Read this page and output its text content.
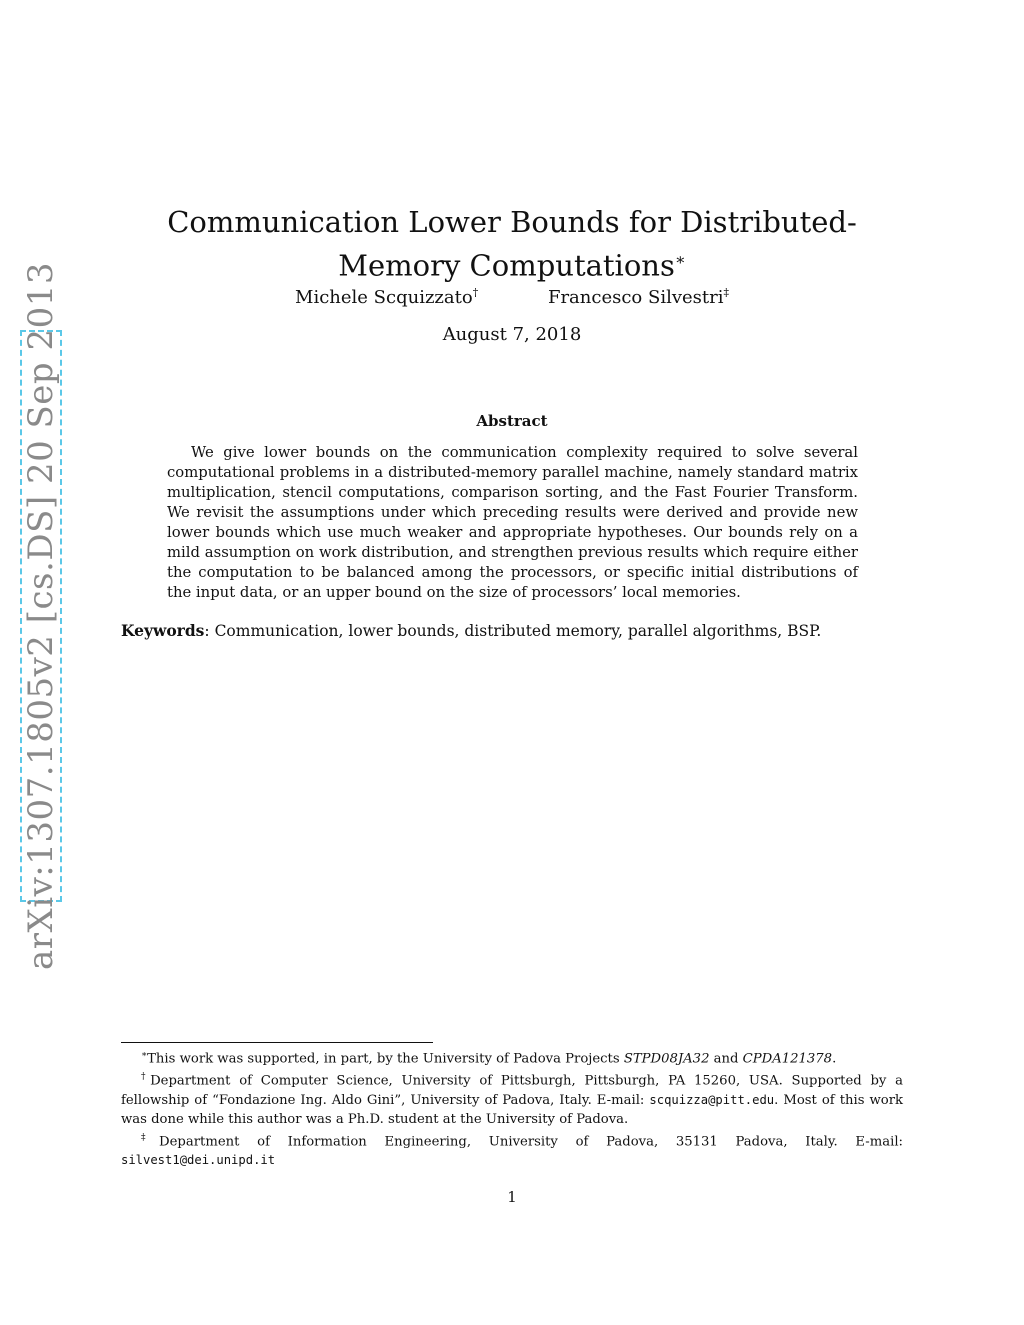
arXiv:1307.1805v2 [cs.DS] 20 Sep 2013
Communication Lower Bounds for Distributed-Memory Computations∗
Michele Scquizzato†	Francesco Silvestri‡
August 7, 2018
Abstract
We give lower bounds on the communication complexity required to solve several computational problems in a distributed-memory parallel machine, namely standard matrix multiplication, stencil computations, comparison sorting, and the Fast Fourier Transform. We revisit the assumptions under which preceding results were derived and provide new lower bounds which use much weaker and appropriate hypotheses. Our bounds rely on a mild assumption on work distribution, and strengthen previous results which require either the computation to be balanced among the processors, or specific initial distributions of the input data, or an upper bound on the size of processors’ local memories.
Keywords: Communication, lower bounds, distributed memory, parallel algorithms, BSP.

∗This work was supported, in part, by the University of Padova Projects STPD08JA32 and CPDA121378.

†Department of Computer Science, University of Pittsburgh, Pittsburgh, PA 15260, USA. Supported by a fellowship of “Fondazione Ing. Aldo Gini”, University of Padova, Italy. E-mail: scquizza@pitt.edu. Most of this work was done while this author was a Ph.D. student at the University of Padova.

‡Department of Information Engineering, University of Padova, 35131 Padova, Italy. E-mail: silvest1@dei.unipd.it

1
